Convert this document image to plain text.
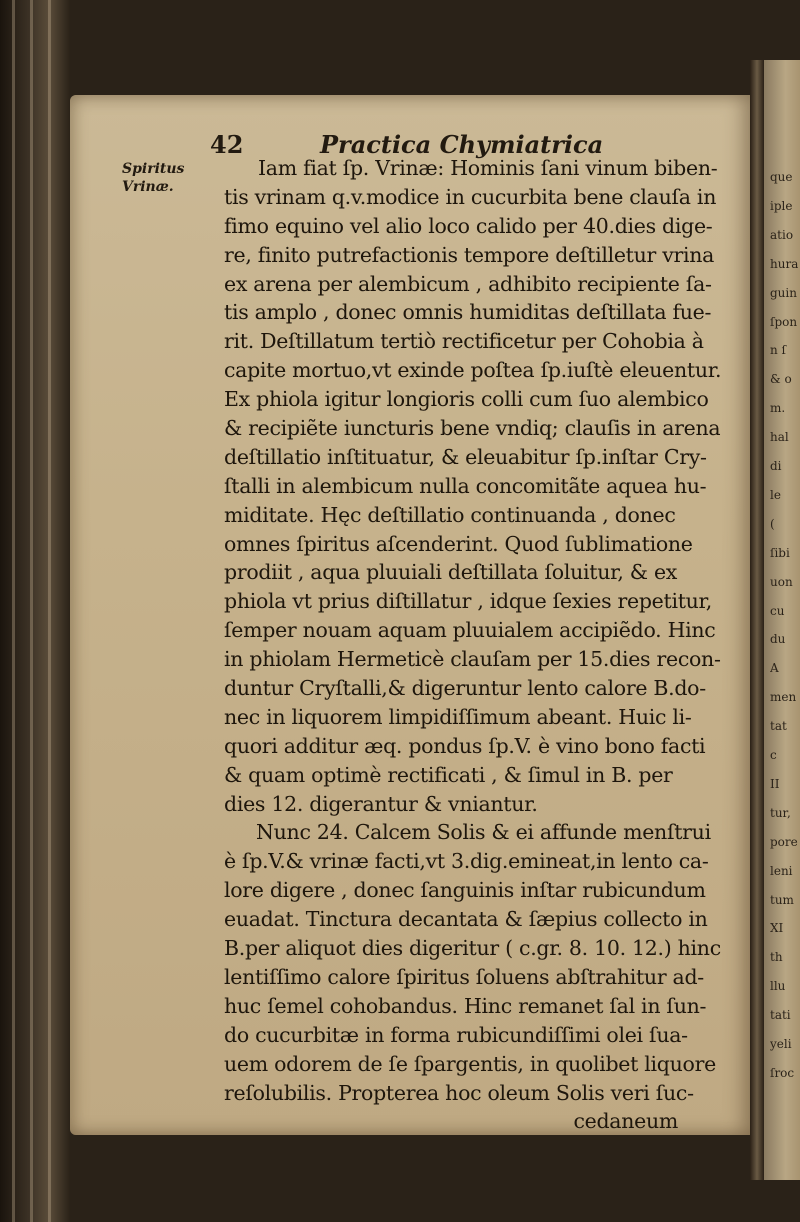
que
iple
atio
hura
guin
ſpon
n ſ
& o
m.
hal
di
le
(
ſibi
uon
cu
du
A
men
tat
c
II
tur,
pore
leni
tum
XI
th
llu
tati
yeli
ſroc
42	Practica Chymiatrica
Spiritus
Vrinæ.
Iam fiat ſp. Vrinæ: Hominis ſani vinum biben-
tis vrinam q.v.modice in cucurbita bene clauſa in
fimo equino vel alio loco calido per 40.dies dige-
re, finito putrefactionis tempore deſtilletur vrina
ex arena per alembicum , adhibito recipiente ſa-
tis amplo , donec omnis humiditas deſtillata fue-
rit. Deſtillatum tertiò rectificetur per Cohobia à
capite mortuo,vt exinde poſtea ſp.iuſtè eleuentur.
Ex phiola igitur longioris colli cum ſuo alembico
& recipiẽte iuncturis bene vndiq; clauſis in arena
deſtillatio inſtituatur, & eleuabitur ſp.inſtar Cry-
ſtalli in alembicum nulla concomitãte aquea hu-
miditate. Hęc deſtillatio continuanda , donec
omnes ſpiritus aſcenderint. Quod ſublimatione
prodiit , aqua pluuiali deſtillata ſoluitur, & ex
phiola vt prius diſtillatur , idque ſexies repetitur,
ſemper nouam aquam pluuialem accipiẽdo. Hinc
in phiolam Hermeticè clauſam per 15.dies recon-
duntur Cryſtalli,& digeruntur lento calore B.do-
nec in liquorem limpidiſſimum abeant. Huic li-
quori additur æq. pondus ſp.V. è vino bono facti
& quam optimè rectificati , & ſimul in B. per
dies 12. digerantur & vniantur.
Nunc 24. Calcem Solis & ei affunde menſtrui
è ſp.V.& vrinæ facti,vt 3.dig.emineat,in lento ca-
lore digere , donec ſanguinis inſtar rubicundum
euadat. Tinctura decantata & ſæpius collecto in
B.per aliquot dies digeritur ( c.gr. 8. 10. 12.) hinc
lentiſſimo calore ſpiritus ſoluens abſtrahitur ad-
huc ſemel cohobandus. Hinc remanet ſal in ſun-
do cucurbitæ in forma rubicundiſſimi olei ſua-
uem odorem de ſe ſpargentis, in quolibet liquore
reſolubilis. Propterea hoc oleum Solis veri ſuc-
cedaneum
